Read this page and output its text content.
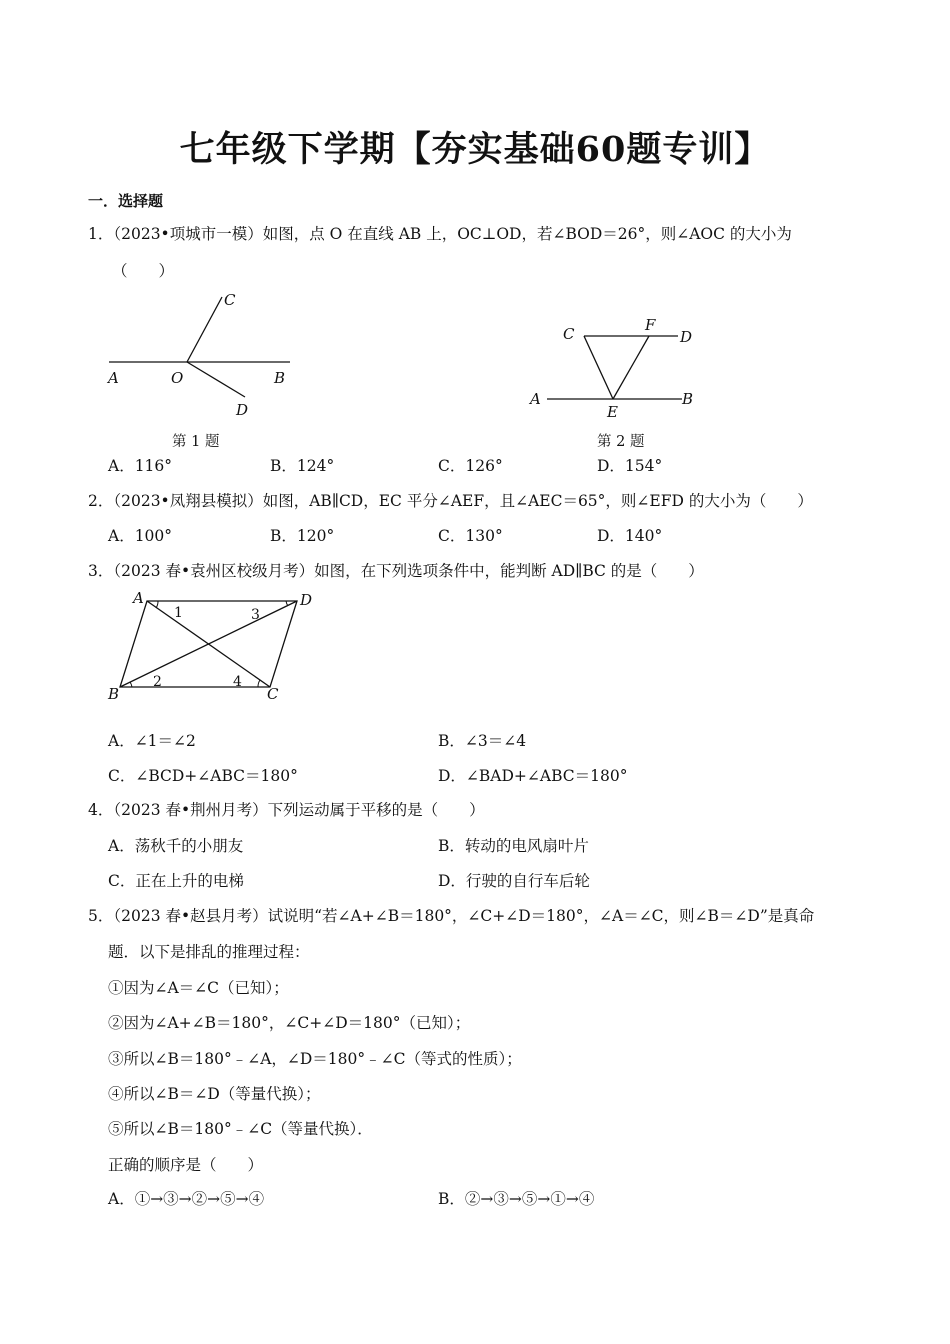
七年级下学期【夯实基础60题专训】
一．选择题
1．（2023•项城市一模）如图，点 O 在直线 AB 上，OC⊥OD，若∠BOD＝26°，则∠AOC 的大小为
（　　）
A	O	B
C
D
第 1 题
C	F
D
A
E
B
第 2 题
A．116°	B．124°	C．126°	D．154°
2．（2023•凤翔县模拟）如图，AB∥CD，EC 平分∠AEF，且∠AEC＝65°，则∠EFD 的大小为（　　）
A．100°	B．120°	C．130°	D．140°
3．（2023 春•袁州区校级月考）如图，在下列选项条件中，能判断 AD∥BC 的是（　　）
A	D
B	C
1	3
2	4
A．∠1＝∠2	B．∠3＝∠4
C．∠BCD+∠ABC＝180°	D．∠BAD+∠ABC＝180°
4．（2023 春•荆州月考）下列运动属于平移的是（　　）
A．荡秋千的小朋友	B．转动的电风扇叶片
C．正在上升的电梯	D．行驶的自行车后轮
5．（2023 春•赵县月考）试说明“若∠A+∠B＝180°，∠C+∠D＝180°，∠A＝∠C，则∠B＝∠D”是真命
题．以下是排乱的推理过程：
①因为∠A＝∠C（已知）；
②因为∠A+∠B＝180°，∠C+∠D＝180°（已知）；
③所以∠B＝180°﹣∠A，∠D＝180°﹣∠C（等式的性质）；
④所以∠B＝∠D（等量代换）；
⑤所以∠B＝180°﹣∠C（等量代换）．
正确的顺序是（　　）
A．①→③→②→⑤→④	B．②→③→⑤→①→④
